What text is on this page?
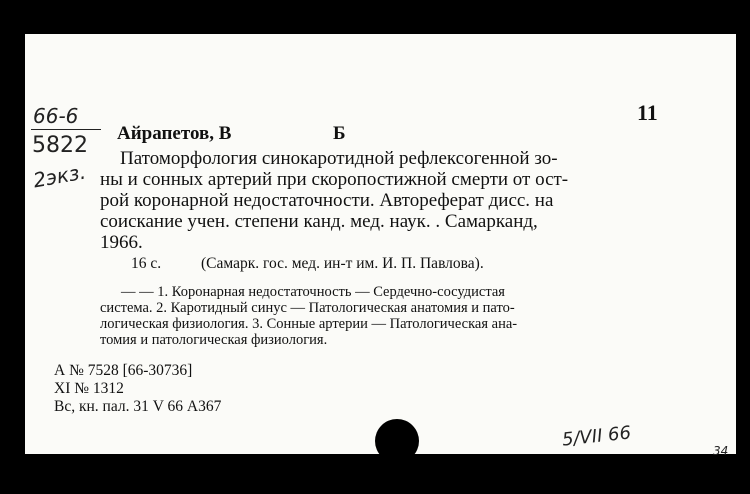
66-6
5822
2экз.
11
Айрапетов, В	Б
Патоморфология синокаротидной рефлексогенной зо-
ны и сонных артерий при скоропостижной смерти от ост-
рой коронарной недостаточности. Автореферат дисс. на
соискание учен. степени канд. мед. наук. . Самарканд,
1966.
16 с.	(Самарк. гос. мед. ин-т им. И. П. Павлова).
— — 1. Коронарная недостаточность — Сердечно-сосудистая
система. 2. Каротидный синус — Патологическая анатомия и пато-
логическая физиология. 3. Сонные артерии — Патологическая ана-
томия и патологическая физиология.
А № 7528 [66-30736]
XI № 1312
Вс, кн. пал. 31 V 66 А367
5/VII 66
34
